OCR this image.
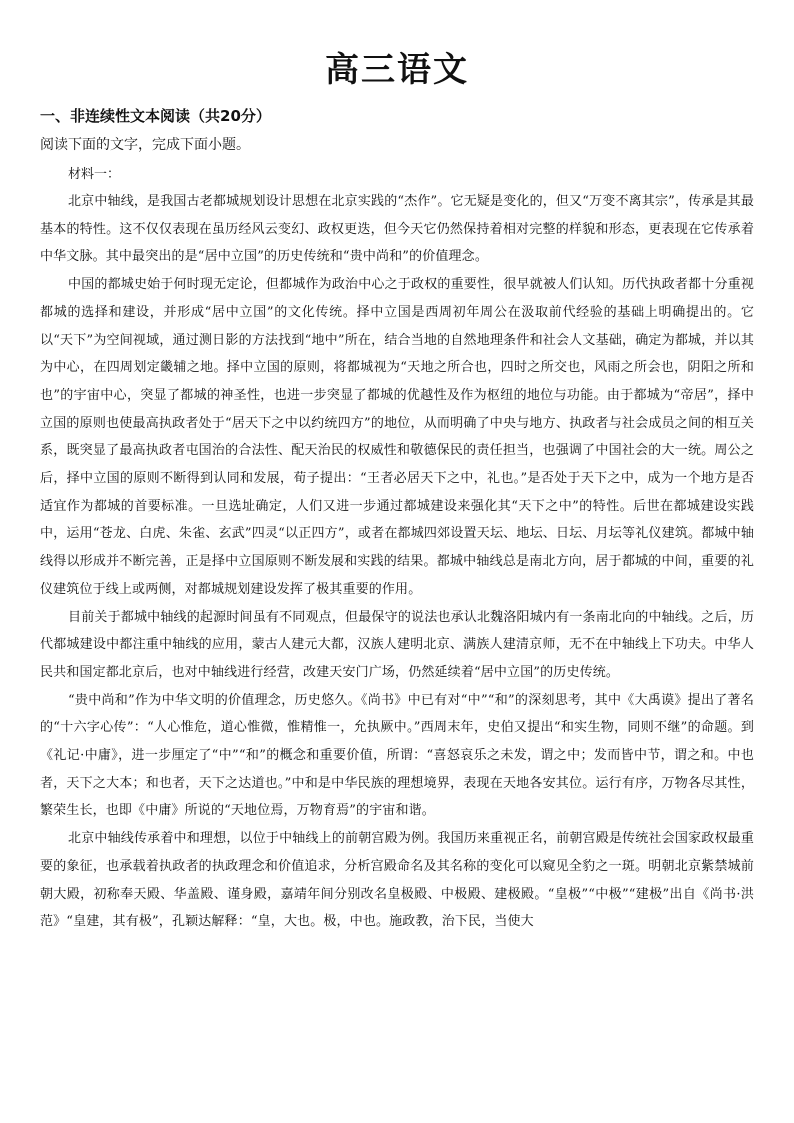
高三语文
一、非连续性文本阅读（共20分）
阅读下面的文字，完成下面小题。
材料一：

北京中轴线，是我国古老都城规划设计思想在北京实践的“杰作”。它无疑是变化的，但又“万变不离其宗”，传承是其最基本的特性。这不仅仅表现在虽历经风云变幻、政权更迭，但今天它仍然保持着相对完整的样貌和形态，更表现在它传承着中华文脉。其中最突出的是“居中立国”的历史传统和“贵中尚和”的价值理念。

中国的都城史始于何时现无定论，但都城作为政治中心之于政权的重要性，很早就被人们认知。历代执政者都十分重视都城的选择和建设，并形成“居中立国”的文化传统。择中立国是西周初年周公在汲取前代经验的基础上明确提出的。它以“天下”为空间视域，通过测日影的方法找到“地中”所在，结合当地的自然地理条件和社会人文基础，确定为都城，并以其为中心，在四周划定畿辅之地。择中立国的原则，将都城视为“天地之所合也，四时之所交也，风雨之所会也，阴阳之所和也”的宇宙中心，突显了都城的神圣性，也进一步突显了都城的优越性及作为枢纽的地位与功能。由于都城为“帝居”，择中立国的原则也使最高执政者处于“居天下之中以约统四方”的地位，从而明确了中央与地方、执政者与社会成员之间的相互关系，既突显了最高执政者屯国治的合法性、配天治民的权威性和敬德保民的责任担当，也强调了中国社会的大一统。周公之后，择中立国的原则不断得到认同和发展，荀子提出：“王者必居天下之中，礼也。”是否处于天下之中，成为一个地方是否适宜作为都城的首要标准。一旦选址确定，人们又进一步通过都城建设来强化其“天下之中”的特性。后世在都城建设实践中，运用“苍龙、白虎、朱雀、玄武”四灵“以正四方”，或者在都城四郊设置天坛、地坛、日坛、月坛等礼仪建筑。都城中轴线得以形成并不断完善，正是择中立国原则不断发展和实践的结果。都城中轴线总是南北方向，居于都城的中间，重要的礼仪建筑位于线上或两侧，对都城规划建设发挥了极其重要的作用。

目前关于都城中轴线的起源时间虽有不同观点，但最保守的说法也承认北魏洛阳城内有一条南北向的中轴线。之后，历代都城建设中都注重中轴线的应用，蒙古人建元大都，汉族人建明北京、满族人建清京师，无不在中轴线上下功夫。中华人民共和国定都北京后，也对中轴线进行经营，改建天安门广场，仍然延续着“居中立国”的历史传统。

“贵中尚和”作为中华文明的价值理念，历史悠久。《尚书》中已有对“中”“和”的深刻思考，其中《大禹谟》提出了著名的“十六字心传”：“人心惟危，道心惟微，惟精惟一，允执厥中。”西周末年，史伯又提出“和实生物，同则不继”的命题。到《礼记·中庸》，进一步厘定了“中”“和”的概念和重要价值，所谓：“喜怒哀乐之未发，谓之中；发而皆中节，谓之和。中也者，天下之大本；和也者，天下之达道也。”中和是中华民族的理想境界，表现在天地各安其位。运行有序，万物各尽其性，繁荣生长，也即《中庸》所说的“天地位焉，万物育焉”的宇宙和谐。

北京中轴线传承着中和理想，以位于中轴线上的前朝宫殿为例。我国历来重视正名，前朝宫殿是传统社会国家政权最重要的象征，也承载着执政者的执政理念和价值追求，分析宫殿命名及其名称的变化可以窥见全豹之一斑。明朝北京紫禁城前朝大殿，初称奉天殿、华盖殿、谨身殿，嘉靖年间分别改名皇极殿、中极殿、建极殿。“皇极”“中极”“建极”出自《尚书·洪范》“皇建，其有极”，孔颖达解释：“皇，大也。极，中也。施政教，治下民，当使大
